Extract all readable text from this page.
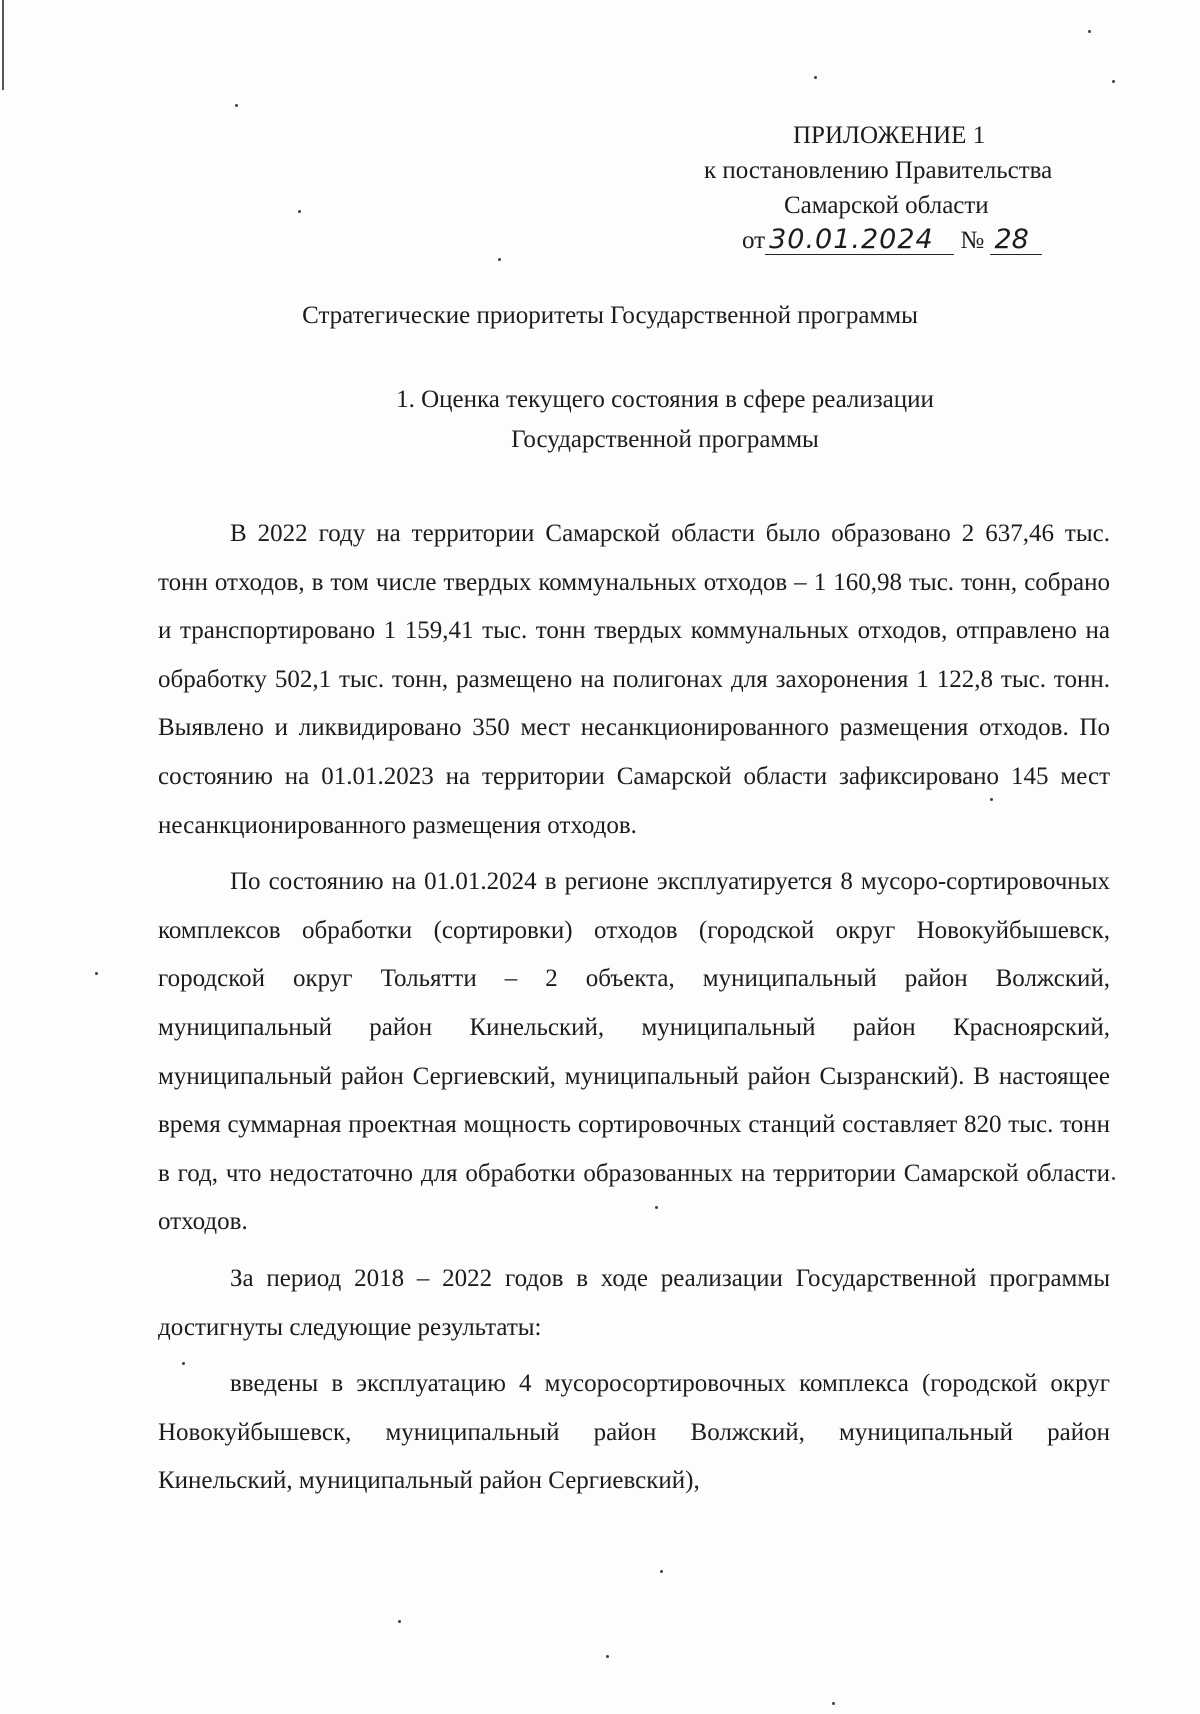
ПРИЛОЖЕНИЕ 1
к постановлению Правительства
Самарской области
от 30.01.2024 № 28
Стратегические приоритеты Государственной программы
1. Оценка текущего состояния в сфере реализации
Государственной программы

В 2022 году на территории Самарской области было образовано 2 637,46 тыс. тонн отходов, в том числе твердых коммунальных отходов – 1 160,98 тыс. тонн, собрано и транспортировано 1 159,41 тыс. тонн твердых коммунальных отходов, отправлено на обработку 502,1 тыс. тонн, размещено на полигонах для захоронения 1 122,8 тыс. тонн. Выявлено и ликвидировано 350 мест несанкционированного размещения отходов. По состоянию на 01.01.2023 на территории Самарской области зафиксировано 145 мест несанкционированного размещения отходов.

По состоянию на 01.01.2024 в регионе эксплуатируется 8 мусоро-сортировочных комплексов обработки (сортировки) отходов (городской округ Новокуйбышевск, городской округ Тольятти – 2 объекта, муниципальный район Волжский, муниципальный район Кинельский, муниципальный район Красноярский, муниципальный район Сергиевский, муниципальный район Сызранский). В настоящее время суммарная проектная мощность сортировочных станций составляет 820 тыс. тонн в год, что недостаточно для обработки образованных на территории Самарской области отходов.

За период 2018 – 2022 годов в ходе реализации Государственной программы достигнуты следующие результаты:

введены в эксплуатацию 4 мусоросортировочных комплекса (городской округ Новокуйбышевск, муниципальный район Волжский, муниципальный район Кинельский, муниципальный район Сергиевский),
